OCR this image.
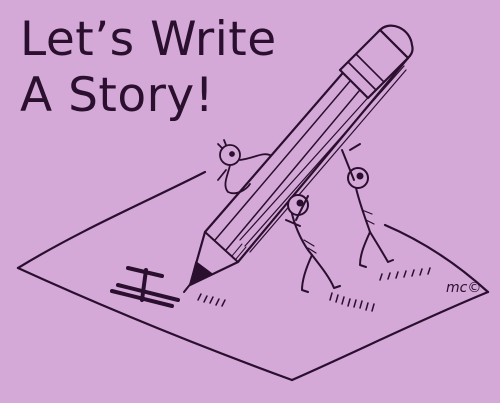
Let’s Write
A Story!
I
mc©
